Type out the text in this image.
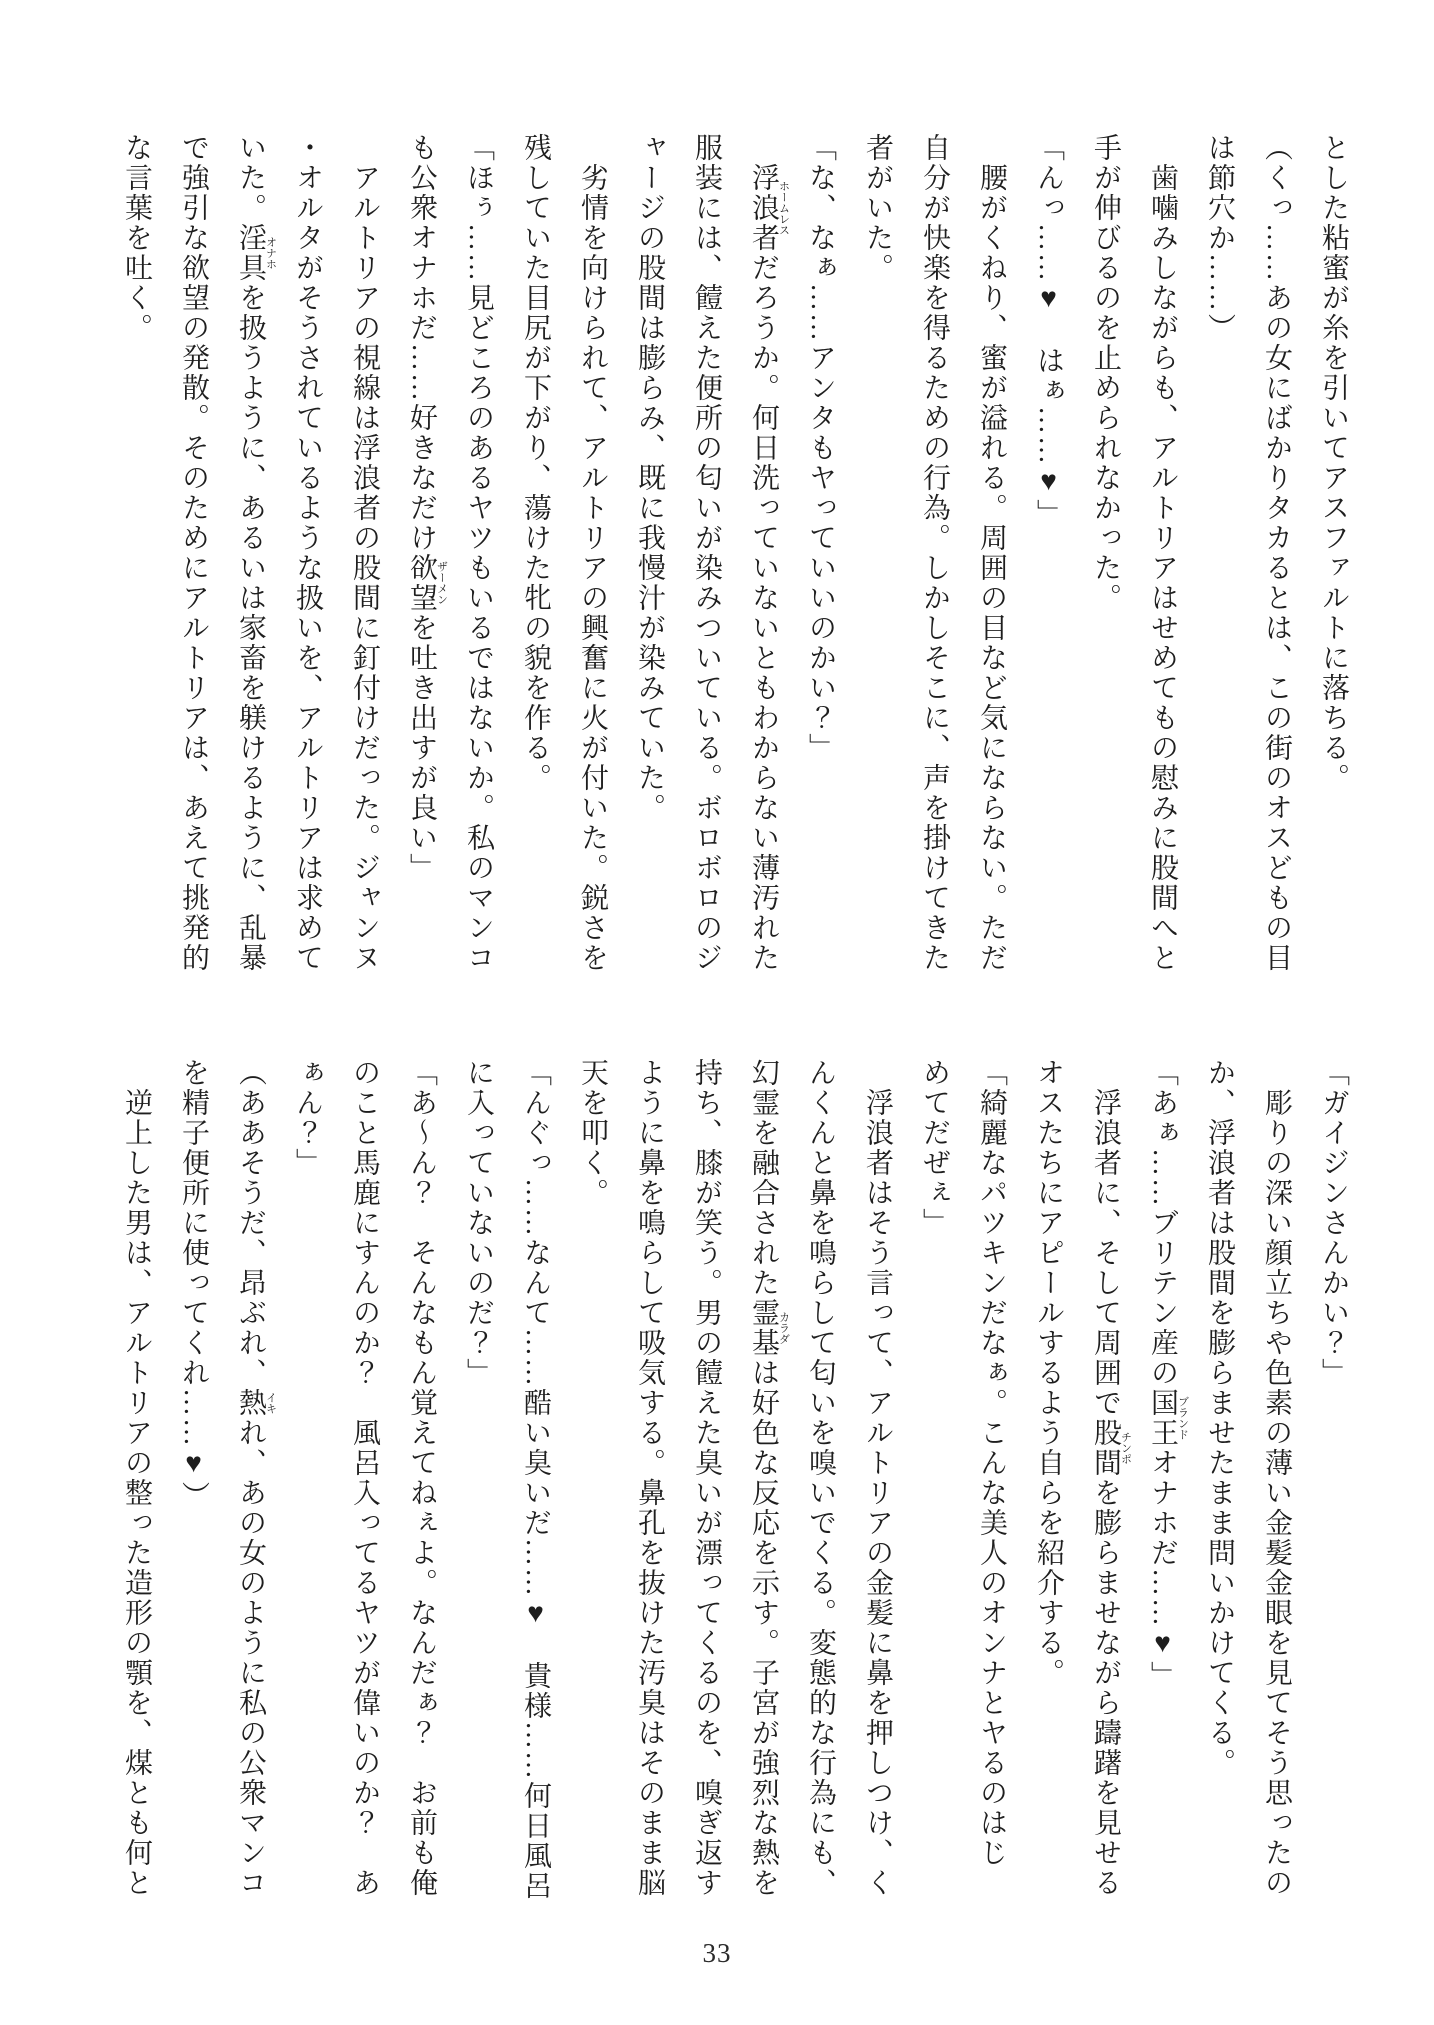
とした粘蜜が糸を引いてアスファルトに落ちる。
（くっ……あの女にばかりタカるとは、この街のオスどもの目
は節穴か……）
歯噛みしながらも、アルトリアはせめてもの慰みに股間へと
手が伸びるのを止められなかった。
「んっ……♥　はぁ……♥」
腰がくねり、蜜が溢れる。周囲の目など気にならない。ただ
自分が快楽を得るための行為。しかしそこに、声を掛けてきた
者がいた。
「な、なぁ……アンタもヤっていいのかい？」
浮浪者ホームレスだろうか。何日洗っていないともわからない薄汚れた
服装には、饐えた便所の匂いが染みついている。ボロボロのジ
ャージの股間は膨らみ、既に我慢汁が染みていた。
劣情を向けられて、アルトリアの興奮に火が付いた。鋭さを
残していた目尻が下がり、蕩けた牝の貌を作る。
「ほぅ……見どころのあるヤツもいるではないか。私のマンコ
も公衆オナホだ……好きなだけ欲望ザーメンを吐き出すが良い」
アルトリアの視線は浮浪者の股間に釘付けだった。ジャンヌ
・オルタがそうされているような扱いを、アルトリアは求めて
いた。淫具オナホを扱うように、あるいは家畜を躾けるように、乱暴
で強引な欲望の発散。そのためにアルトリアは、あえて挑発的
な言葉を吐く。
「ガイジンさんかい？」
彫りの深い顔立ちや色素の薄い金髪金眼を見てそう思ったの
か、浮浪者は股間を膨らませたまま問いかけてくる。
「あぁ……ブリテン産の国王ブランドオナホだ……♥」
浮浪者に、そして周囲で股間チンポを膨らませながら躊躇を見せる
オスたちにアピールするよう自らを紹介する。
「綺麗なパツキンだなぁ。こんな美人のオンナとヤるのはじ
めてだぜぇ」
浮浪者はそう言って、アルトリアの金髪に鼻を押しつけ、く
んくんと鼻を鳴らして匂いを嗅いでくる。変態的な行為にも、
幻霊を融合された霊基カラダは好色な反応を示す。子宮が強烈な熱を
持ち、膝が笑う。男の饐えた臭いが漂ってくるのを、嗅ぎ返す
ように鼻を鳴らして吸気する。鼻孔を抜けた汚臭はそのまま脳
天を叩く。
「んぐっ……なんて……酷い臭いだ……♥　貴様……何日風呂
に入っていないのだ？」
「あ〜ん？　そんなもん覚えてねぇよ。なんだぁ？　お前も俺
のこと馬鹿にすんのか？　風呂入ってるヤツが偉いのか？　あ
ぁん？」
（ああそうだ、昂ぶれ、熱イキれ、あの女のように私の公衆マンコ
を精子便所に使ってくれ……♥）
逆上した男は、アルトリアの整った造形の顎を、煤とも何と
33
